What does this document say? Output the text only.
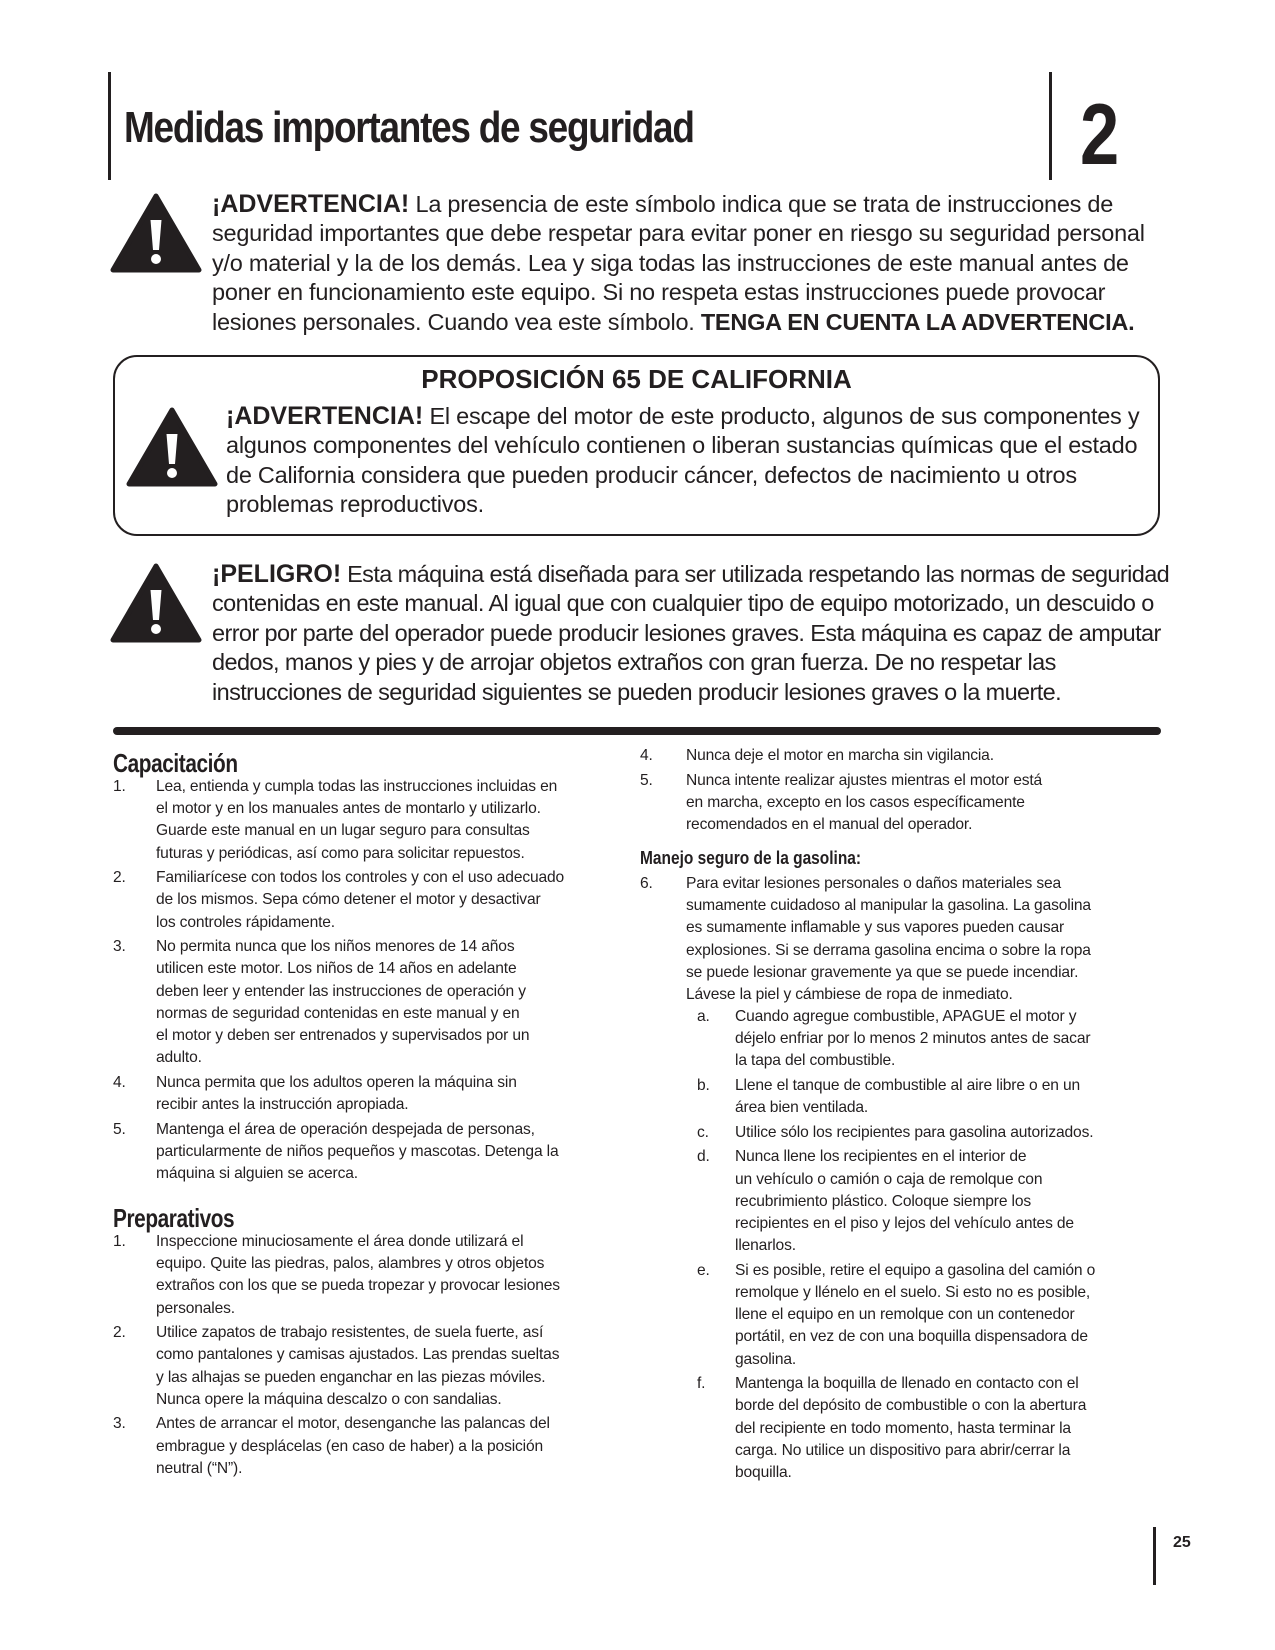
Medidas importantes de seguridad	2
¡ADVERTENCIA! La presencia de este símbolo indica que se trata de instrucciones de
seguridad importantes que debe respetar para evitar poner en riesgo su seguridad personal
y/o material y la de los demás. Lea y siga todas las instrucciones de este manual antes de
poner en funcionamiento este equipo. Si no respeta estas instrucciones puede provocar
lesiones personales. Cuando vea este símbolo. TENGA EN CUENTA LA ADVERTENCIA.
PROPOSICIÓN 65 DE CALIFORNIA
¡ADVERTENCIA! El escape del motor de este producto, algunos de sus componentes y
algunos componentes del vehículo contienen o liberan sustancias químicas que el estado
de California considera que pueden producir cáncer, defectos de nacimiento u otros
problemas reproductivos.
¡PELIGRO! Esta máquina está diseñada para ser utilizada respetando las normas de seguridad
contenidas en este manual. Al igual que con cualquier tipo de equipo motorizado, un descuido o
error por parte del operador puede producir lesiones graves. Esta máquina es capaz de amputar
dedos, manos y pies y de arrojar objetos extraños con gran fuerza. De no respetar las
instrucciones de seguridad siguientes se pueden producir lesiones graves o la muerte.
Capacitación
1. Lea, entienda y cumpla todas las instrucciones incluidas en
el motor y en los manuales antes de montarlo y utilizarlo.
Guarde este manual en un lugar seguro para consultas
futuras y periódicas, así como para solicitar repuestos.
2. Familiarícese con todos los controles y con el uso adecuado
de los mismos. Sepa cómo detener el motor y desactivar
los controles rápidamente.
3. No permita nunca que los niños menores de 14 años
utilicen este motor. Los niños de 14 años en adelante
deben leer y entender las instrucciones de operación y
normas de seguridad contenidas en este manual y en
el motor y deben ser entrenados y supervisados por un
adulto.
4. Nunca permita que los adultos operen la máquina sin
recibir antes la instrucción apropiada.
5. Mantenga el área de operación despejada de personas,
particularmente de niños pequeños y mascotas. Detenga la
máquina si alguien se acerca.
Preparativos
1. Inspeccione minuciosamente el área donde utilizará el
equipo. Quite las piedras, palos, alambres y otros objetos
extraños con los que se pueda tropezar y provocar lesiones
personales.
2. Utilice zapatos de trabajo resistentes, de suela fuerte, así
como pantalones y camisas ajustados. Las prendas sueltas
y las alhajas se pueden enganchar en las piezas móviles.
Nunca opere la máquina descalzo o con sandalias.
3. Antes de arrancar el motor, desenganche las palancas del
embrague y desplácelas (en caso de haber) a la posición
neutral (“N”).
4. Nunca deje el motor en marcha sin vigilancia.
5. Nunca intente realizar ajustes mientras el motor está
en marcha, excepto en los casos específicamente
recomendados en el manual del operador.
Manejo seguro de la gasolina:
6. Para evitar lesiones personales o daños materiales sea
sumamente cuidadoso al manipular la gasolina. La gasolina
es sumamente inflamable y sus vapores pueden causar
explosiones. Si se derrama gasolina encima o sobre la ropa
se puede lesionar gravemente ya que se puede incendiar.
Lávese la piel y cámbiese de ropa de inmediato.
a. Cuando agregue combustible, APAGUE el motor y
déjelo enfriar por lo menos 2 minutos antes de sacar
la tapa del combustible.
b. Llene el tanque de combustible al aire libre o en un
área bien ventilada.
c. Utilice sólo los recipientes para gasolina autorizados.
d. Nunca llene los recipientes en el interior de
un vehículo o camión o caja de remolque con
recubrimiento plástico. Coloque siempre los
recipientes en el piso y lejos del vehículo antes de
llenarlos.
e. Si es posible, retire el equipo a gasolina del camión o
remolque y llénelo en el suelo. Si esto no es posible,
llene el equipo en un remolque con un contenedor
portátil, en vez de con una boquilla dispensadora de
gasolina.
f. Mantenga la boquilla de llenado en contacto con el
borde del depósito de combustible o con la abertura
del recipiente en todo momento, hasta terminar la
carga. No utilice un dispositivo para abrir/cerrar la
boquilla.
25
